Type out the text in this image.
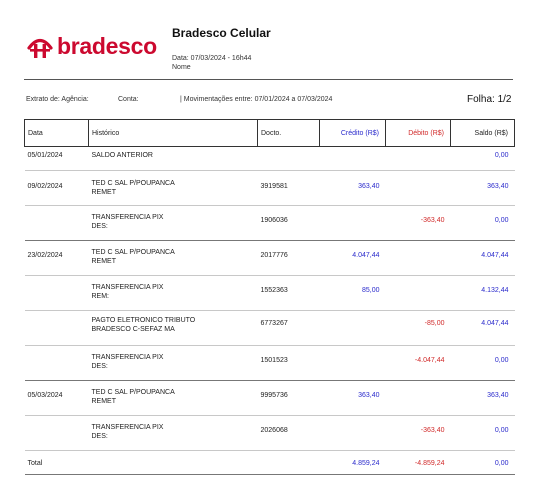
bradesco Bradesco Celular
Data: 07/03/2024 - 16h44
Nome
Extrato de: Agência:	Conta:	| Movimentações entre: 07/01/2024 a 07/03/2024	Folha: 1/2
Data	Histórico	Docto.	Crédito (R$)	Débito (R$)	Saldo (R$)
05/01/2024	SALDO ANTERIOR				0,00
09/02/2024	TED C SAL P/POUPANCA
REMET	3919581	363,40		363,40

	TRANSFERENCIA PIX
DES:	1906036		-363,40	0,00
23/02/2024	TED C SAL P/POUPANCA
REMET	2017776	4.047,44		4.047,44

	TRANSFERENCIA PIX
REM:	1552363	85,00		4.132,44

	PAGTO ELETRONICO TRIBUTO
BRADESCO C-SEFAZ MA	6773267		-85,00	4.047,44

	TRANSFERENCIA PIX
DES:	1501523		-4.047,44	0,00
05/03/2024	TED C SAL P/POUPANCA
REMET	9995736	363,40		363,40

	TRANSFERENCIA PIX
DES:	2026068		-363,40	0,00
Total			4.859,24	-4.859,24	0,00
